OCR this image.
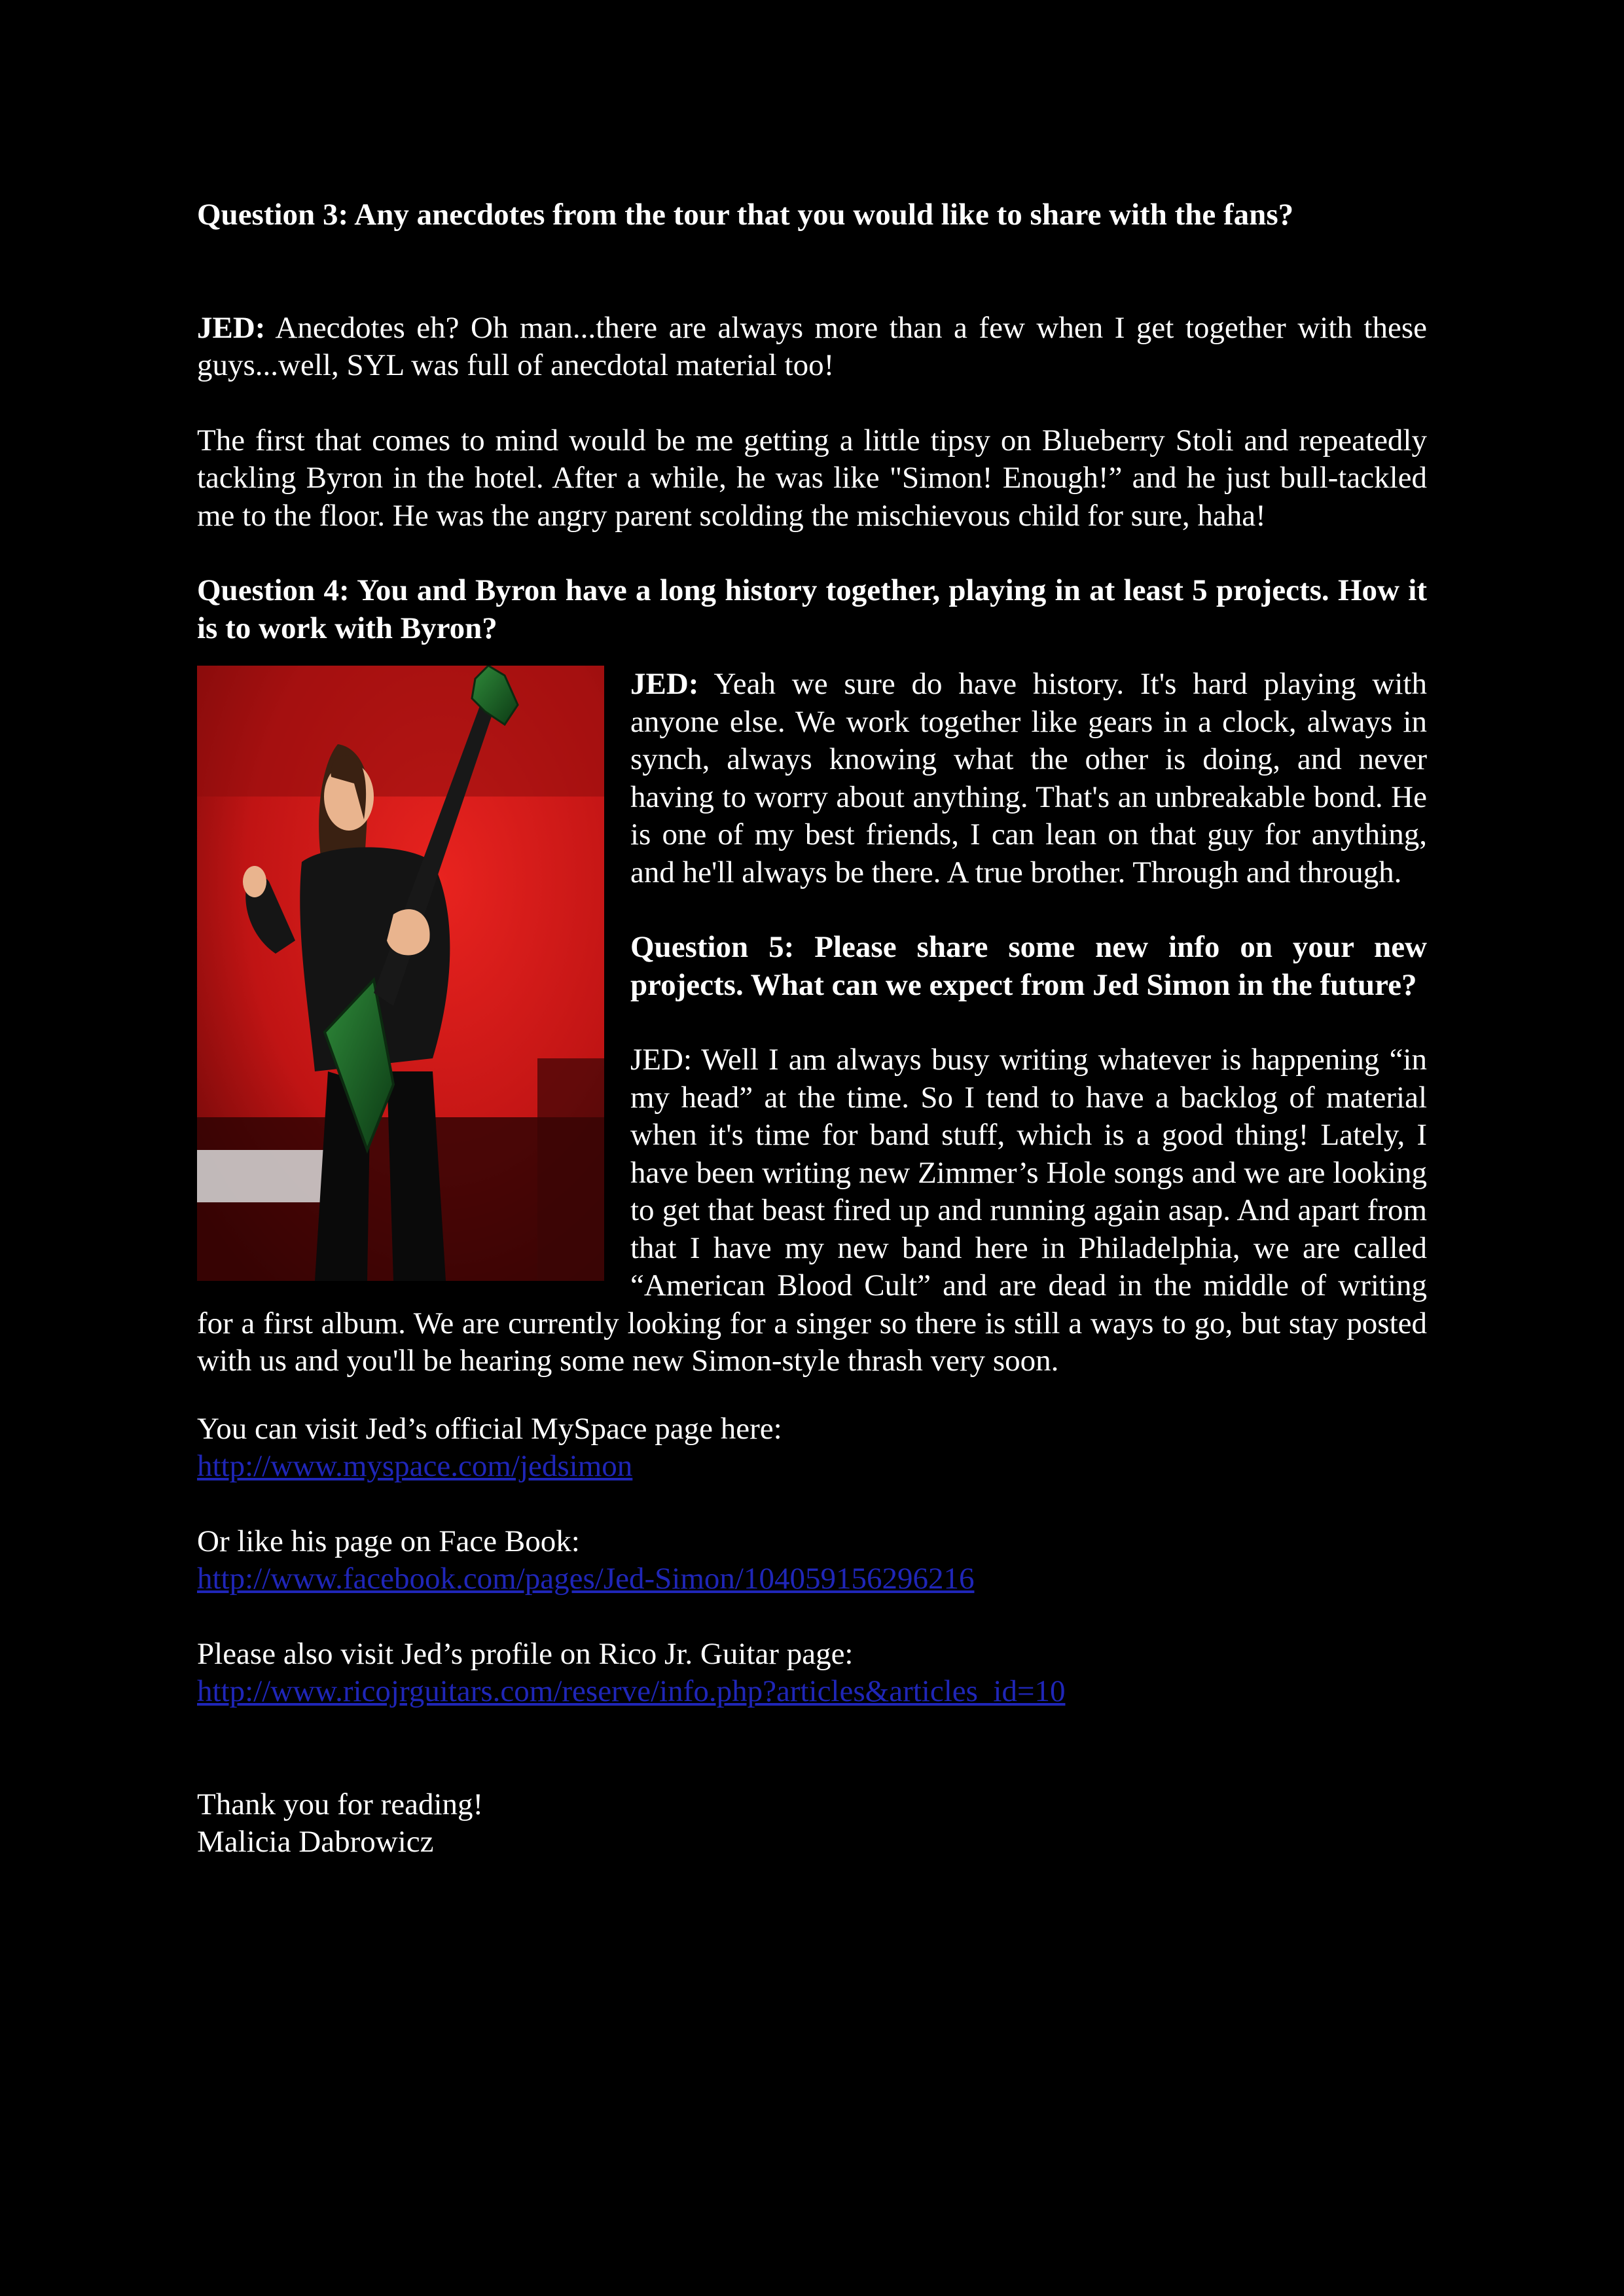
Question 3: Any anecdotes from the tour that you would like to share with the fans?

JED: Anecdotes eh? Oh man...there are always more than a few when I get together with these guys...well, SYL was full of anecdotal material too!

The first that comes to mind would be me getting a little tipsy on Blueberry Stoli and repeatedly tackling Byron in the hotel. After a while, he was like "Simon! Enough!” and he just bull-tackled me to the floor. He was the angry parent scolding the mischievous child for sure, haha!

Question 4: You and Byron have a long history together, playing in at least 5 projects. How it is to work with Byron?

JED: Yeah we sure do have history. It's hard playing with anyone else. We work together like gears in a clock, always in synch, always knowing what the other is doing, and never having to worry about anything. That's an unbreakable bond. He is one of my best friends, I can lean on that guy for anything, and he'll always be there. A true brother. Through and through.

Question 5: Please share some new info on your new projects. What can we expect from Jed Simon in the future?

JED: Well I am always busy writing whatever is happening “in my head” at the time. So I tend to have a backlog of material when it's time for band stuff, which is a good thing! Lately, I have been writing new Zimmer’s Hole songs and we are looking to get that beast fired up and running again asap. And apart from that I have my new band here in Philadelphia, we are called “American Blood Cult” and are dead in the middle of writing for a first album. We are currently looking for a singer so there is still a ways to go, but stay posted with us and you'll be hearing some new Simon-style thrash very soon.

You can visit Jed’s official MySpace page here:

http://www.myspace.com/jedsimon

Or like his page on Face Book:

http://www.facebook.com/pages/Jed-Simon/104059156296216

Please also visit Jed’s profile on Rico Jr. Guitar page:

http://www.ricojrguitars.com/reserve/info.php?articles&articles_id=10

Thank you for reading!

Malicia Dabrowicz
